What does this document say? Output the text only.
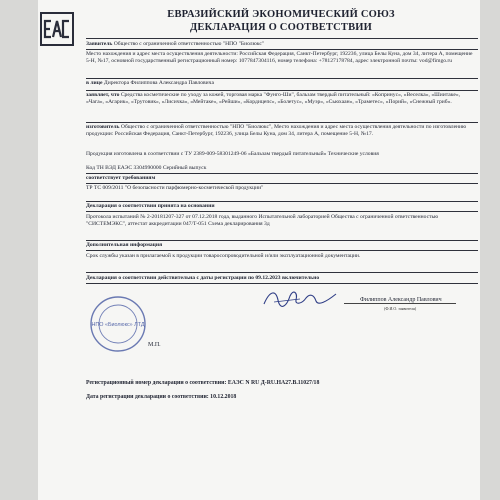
ЕВРАЗИЙСКИЙ ЭКОНОМИЧЕСКИЙ СОЮЗ
ДЕКЛАРАЦИЯ О СООТВЕТСТВИИ
Заявитель Общество с ограниченной ответственностью "НПО "Биолюкс"
Место нахождения и адрес места осуществления деятельности: Российская Федерация, Санкт-Петербург, 192236, улица Белы Куна, дом 34, литера А, помещение 5-Н, №17, основной государственный регистрационный номер: 1077847304116, номер телефона: +78127178784, адрес электронной почты: vod@fimgo.ru
в лице Директора Филиппова Александра Павловича
заявляет, что Средства косметические по уходу за кожей, торговая марка "Фунго-Ши", бальзам твердый питательный: «Копринус», «Веселка», «Шиитаке», «Чага», «Агарик», «Трутовик», «Лисичка», «Мейтаке», «Рейши», «Кордицепс», «Болетус», «Муэр», «Сьюхаан», «Траметес», «Порий», «Снежный гриб».
изготовитель Общество с ограниченной ответственностью "НПО "Биолюкс", Место нахождения и адрес места осуществления деятельности по изготовлению продукции: Российская Федерация, Санкт-Петербург, 192236, улица Белы Куна, дом 34, литера А, помещение 5-Н, №17.
Продукция изготовлена в соответствии с ТУ 2389-009-58301249-06 «Бальзам твердый питательный» Технические условия
Код ТН ВЭД ЕАЭС 3304990000 Серийный выпуск
соответствует требованиям
ТР ТС 009/2011 "О безопасности парфюмерно-косметической продукции"
Декларация о соответствии принята на основании
Протокола испытаний № 2-20181207-327 от 07.12.2018 года, выданного Испытательной лабораторией Общества с ограниченной ответственностью "СИСТЕМЭКС", аттестат аккредитации 047/Т-051 Схема декларирования 3д
Дополнительная информация
Срок службы указан в прилагаемой к продукции товаросопроводительной и/или эксплуатационной документации.
Декларация о соответствии действительна с даты регистрации по 09.12.2023 включительно
Филиппов Александр Павлович
(Ф.И.О. заявителя)
НПО «Биолюкс» ЛТД
М.П.
Регистрационный номер декларации о соответствии: ЕАЭС N RU Д-RU.НА27.В.11027/18
Дата регистрации декларации о соответствии: 10.12.2018
